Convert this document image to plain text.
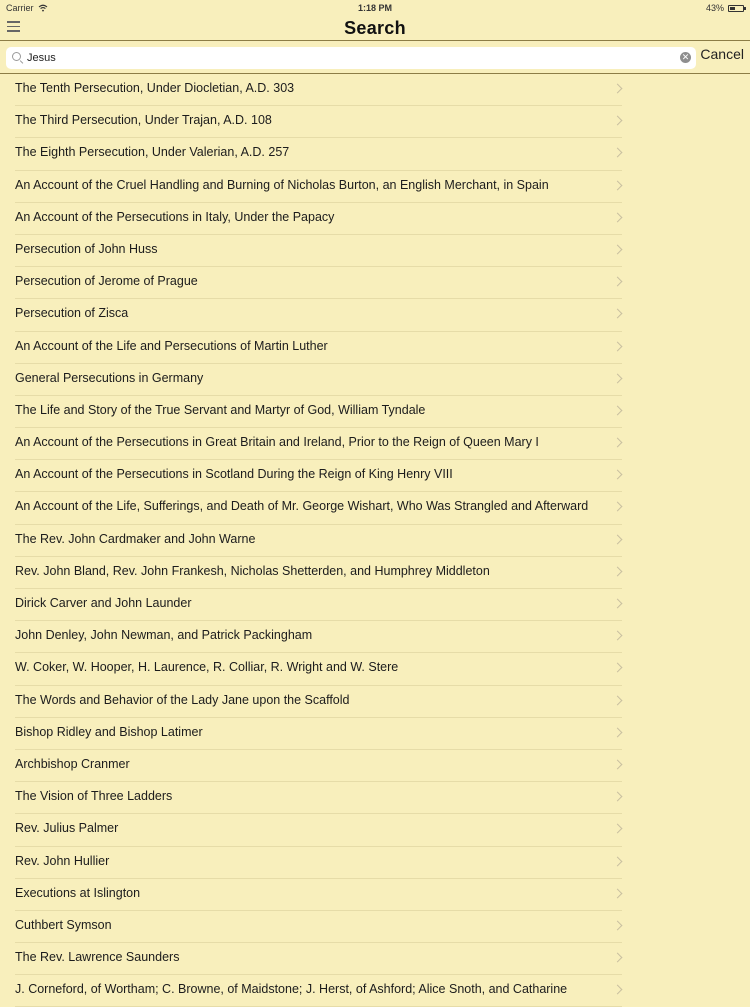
Carrier	1:18 PM	43%
Search
Jesus
✕ Cancel
The Tenth Persecution, Under Diocletian, A.D. 303
The Third Persecution, Under Trajan, A.D. 108
The Eighth Persecution, Under Valerian, A.D. 257
An Account of the Cruel Handling and Burning of Nicholas Burton, an English Merchant, in Spain
An Account of the Persecutions in Italy, Under the Papacy
Persecution of John Huss
Persecution of Jerome of Prague
Persecution of Zisca
An Account of the Life and Persecutions of Martin Luther
General Persecutions in Germany
The Life and Story of the True Servant and Martyr of God, William Tyndale
An Account of the Persecutions in Great Britain and Ireland, Prior to the Reign of Queen Mary I
An Account of the Persecutions in Scotland During the Reign of King Henry VIII
An Account of the Life, Sufferings, and Death of Mr. George Wishart, Who Was Strangled and Afterward
The Rev. John Cardmaker and John Warne
Rev. John Bland, Rev. John Frankesh, Nicholas Shetterden, and Humphrey Middleton
Dirick Carver and John Launder
John Denley, John Newman, and Patrick Packingham
W. Coker, W. Hooper, H. Laurence, R. Colliar, R. Wright and W. Stere
The Words and Behavior of the Lady Jane upon the Scaffold
Bishop Ridley and Bishop Latimer
Archbishop Cranmer
The Vision of Three Ladders
Rev. Julius Palmer
Rev. John Hullier
Executions at Islington
Cuthbert Symson
The Rev. Lawrence Saunders
J. Corneford, of Wortham; C. Browne, of Maidstone; J. Herst, of Ashford; Alice Snoth, and Catharine
